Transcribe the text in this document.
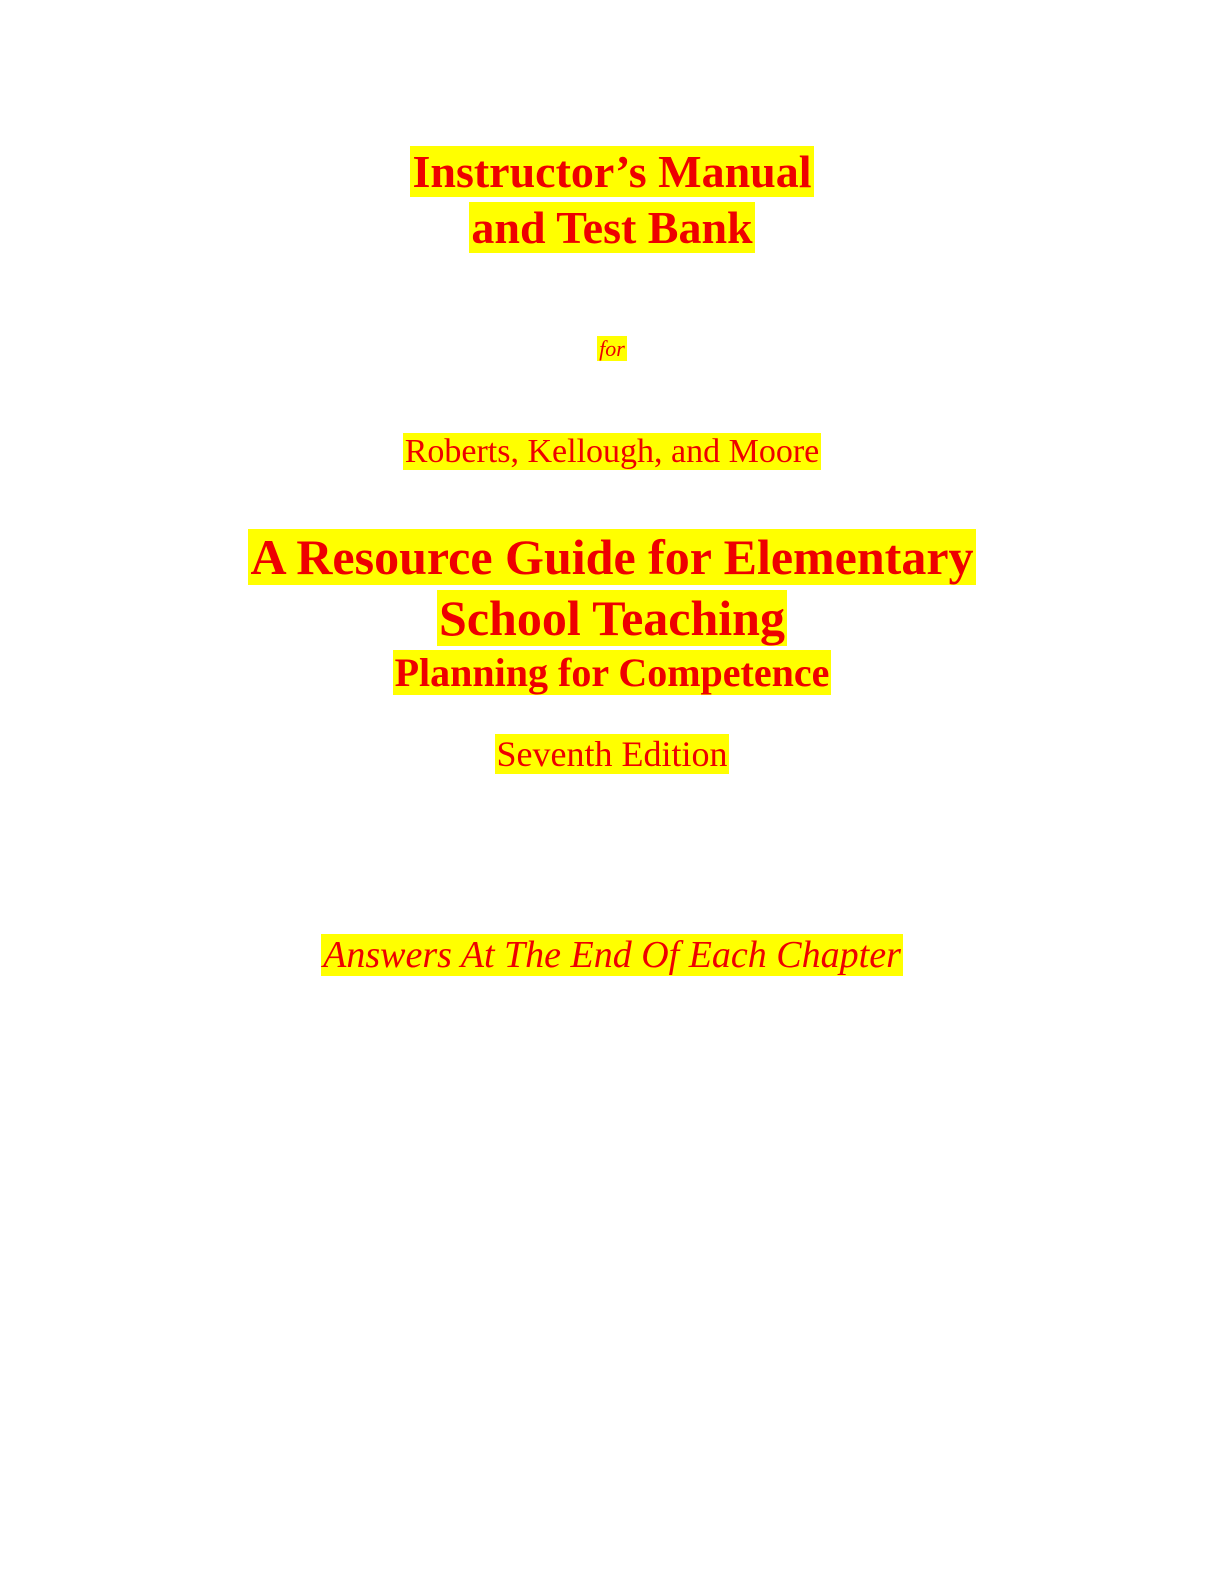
Instructor’s Manual
and Test Bank
for
Roberts, Kellough, and Moore
A Resource Guide for Elementary
School Teaching
Planning for Competence
Seventh Edition
Answers At The End Of Each Chapter
